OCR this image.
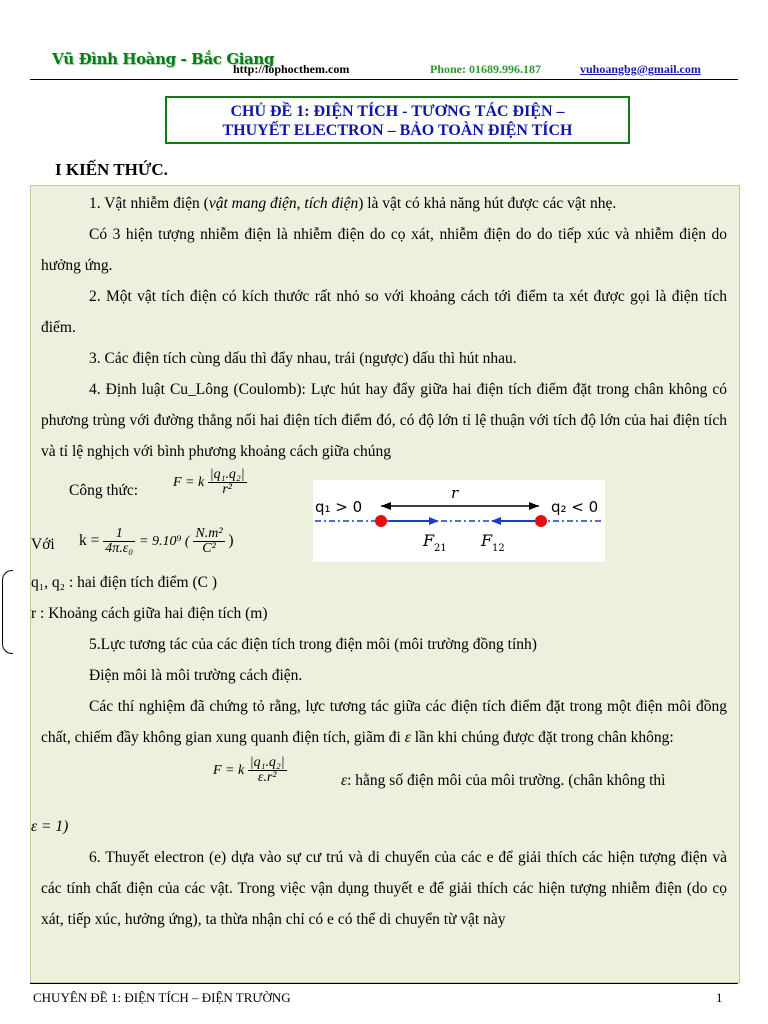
Vũ Đình Hoàng - Bắc Giang
http://lophocthem.com	Phone: 01689.996.187	vuhoangbg@gmail.com
CHỦ ĐỀ 1: ĐIỆN TÍCH - TƯƠNG TÁC ĐIỆN –
THUYẾT ELECTRON – BẢO TOÀN ĐIỆN TÍCH
I KIẾN THỨC.

1. Vật nhiễm điện (vật mang điện, tích điện) là vật có khả năng hút được các vật nhẹ.

Có 3 hiện tượng nhiễm điện là nhiễm điện do cọ xát, nhiễm điện do do tiếp xúc và nhiễm điện do hưởng ứng.

2. Một vật tích điện có kích thước rất nhỏ so với khoảng cách tới điểm ta xét được gọi là điện tích điểm.

3. Các điện tích cùng dấu thì đẩy nhau, trái (ngược) dấu thì hút nhau.

4. Định luật Cu_Lông (Coulomb): Lực hút hay đẩy giữa hai điện tích điểm đặt trong chân không có phương trùng với đường thẳng nối hai điện tích điểm đó, có độ lớn tỉ lệ thuận với tích độ lớn của hai điện tích và tỉ lệ nghịch với bình phương khoảng cách giữa chúng

Công thức: F = k $\frac{\text{|q₁.q₂|}}{\text{r²}}$
Với $k = \frac{1}{\text{4π.ε₀}} = 9.10^9$ ( $\frac{\text{N.m²}}{\text{C²}}$ )

q₁, q₂ : hai điện tích điểm (C )

r : Khoảng cách giữa hai điện tích (m)

5.Lực tương tác của các điện tích trong điện môi (môi trường đồng tính)

Điện môi là môi trường cách điện.

Các thí nghiệm đã chứng tỏ rằng, lực tương tác giữa các điện tích điểm đặt trong một điện môi đồng chất, chiếm đầy không gian xung quanh điện tích, giãm đi ε lần khi chúng được đặt trong chân không:

F = k $\frac{\text{|q₁.q₂|}}{\text{ε.r²}}$	ε: hằng số điện môi của môi trường. (chân không thì

ε = 1)

6. Thuyết electron (e) dựa vào sự cư trú và di chuyển của các e để giải thích các hiện tượng điện và các tính chất điện của các vật. Trong việc vận dụng thuyết e để giải thích các hiện tượng nhiễm điện (do cọ xát, tiếp xúc, hưởng ứng), ta thừa nhận chỉ có e có thể di chuyển từ vật này

q₁ > 0	q₂ < 0
r
F 21 F 12
CHUYÊN ĐỀ 1: ĐIỆN TÍCH – ĐIỆN TRƯỜNG	1
